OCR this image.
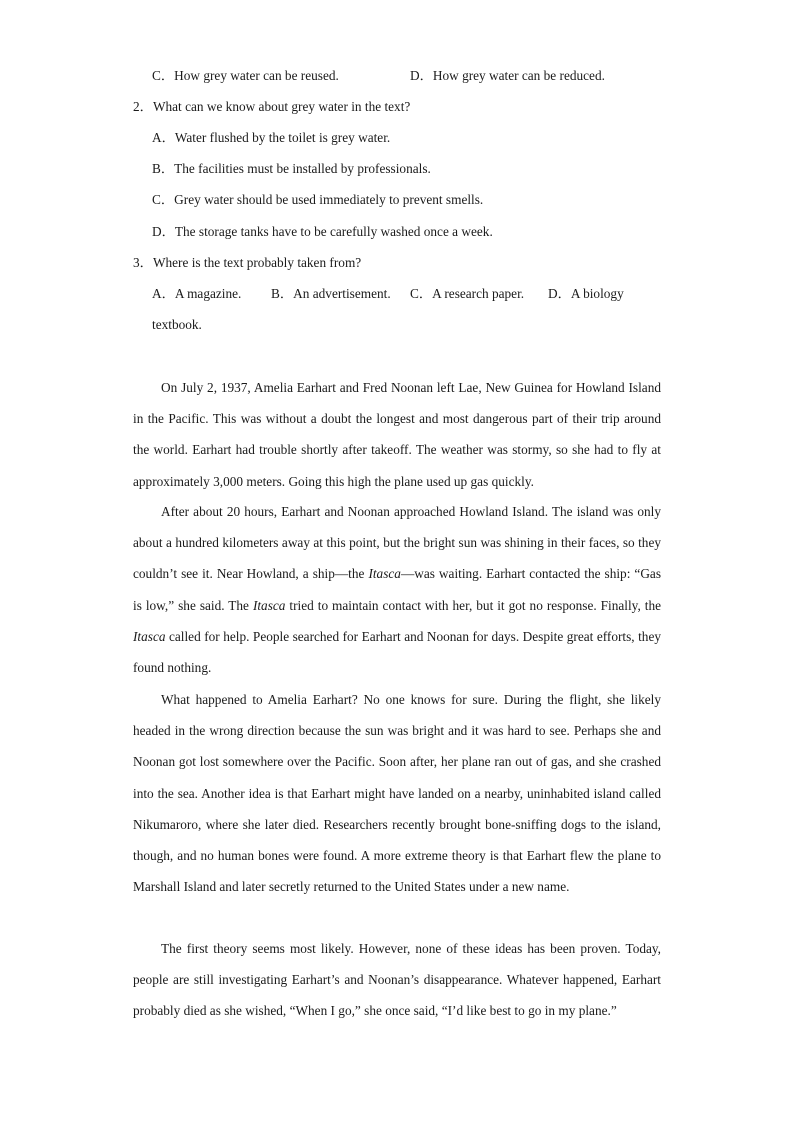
C．How grey water can be reused.	D．How grey water can be reduced.
2．What can we know about grey water in the text?
A．Water flushed by the toilet is grey water.
B．The facilities must be installed by professionals.
C．Grey water should be used immediately to prevent smells.
D．The storage tanks have to be carefully washed once a week.
3．Where is the text probably taken from?
A．A magazine. B．An advertisement. C．A research paper. D．A biology
textbook.

On July 2, 1937, Amelia Earhart and Fred Noonan left Lae, New Guinea for Howland Island in the Pacific. This was without a doubt the longest and most dangerous part of their trip around the world. Earhart had trouble shortly after takeoff. The weather was stormy, so she had to fly at approximately 3,000 meters. Going this high the plane used up gas quickly.

After about 20 hours, Earhart and Noonan approached Howland Island. The island was only about a hundred kilometers away at this point, but the bright sun was shining in their faces, so they couldn’t see it. Near Howland, a ship—the Itasca—was waiting. Earhart contacted the ship: “Gas is low,” she said. The Itasca tried to maintain contact with her, but it got no response. Finally, the Itasca called for help. People searched for Earhart and Noonan for days. Despite great efforts, they found nothing.

What happened to Amelia Earhart? No one knows for sure. During the flight, she likely headed in the wrong direction because the sun was bright and it was hard to see. Perhaps she and Noonan got lost somewhere over the Pacific. Soon after, her plane ran out of gas, and she crashed into the sea. Another idea is that Earhart might have landed on a nearby, uninhabited island called Nikumaroro, where she later died. Researchers recently brought bone-sniffing dogs to the island, though, and no human bones were found. A more extreme theory is that Earhart flew the plane to Marshall Island and later secretly returned to the United States under a new name.

The first theory seems most likely. However, none of these ideas has been proven. Today, people are still investigating Earhart’s and Noonan’s disappearance. Whatever happened, Earhart probably died as she wished, “When I go,” she once said, “I’d like best to go in my plane.”
